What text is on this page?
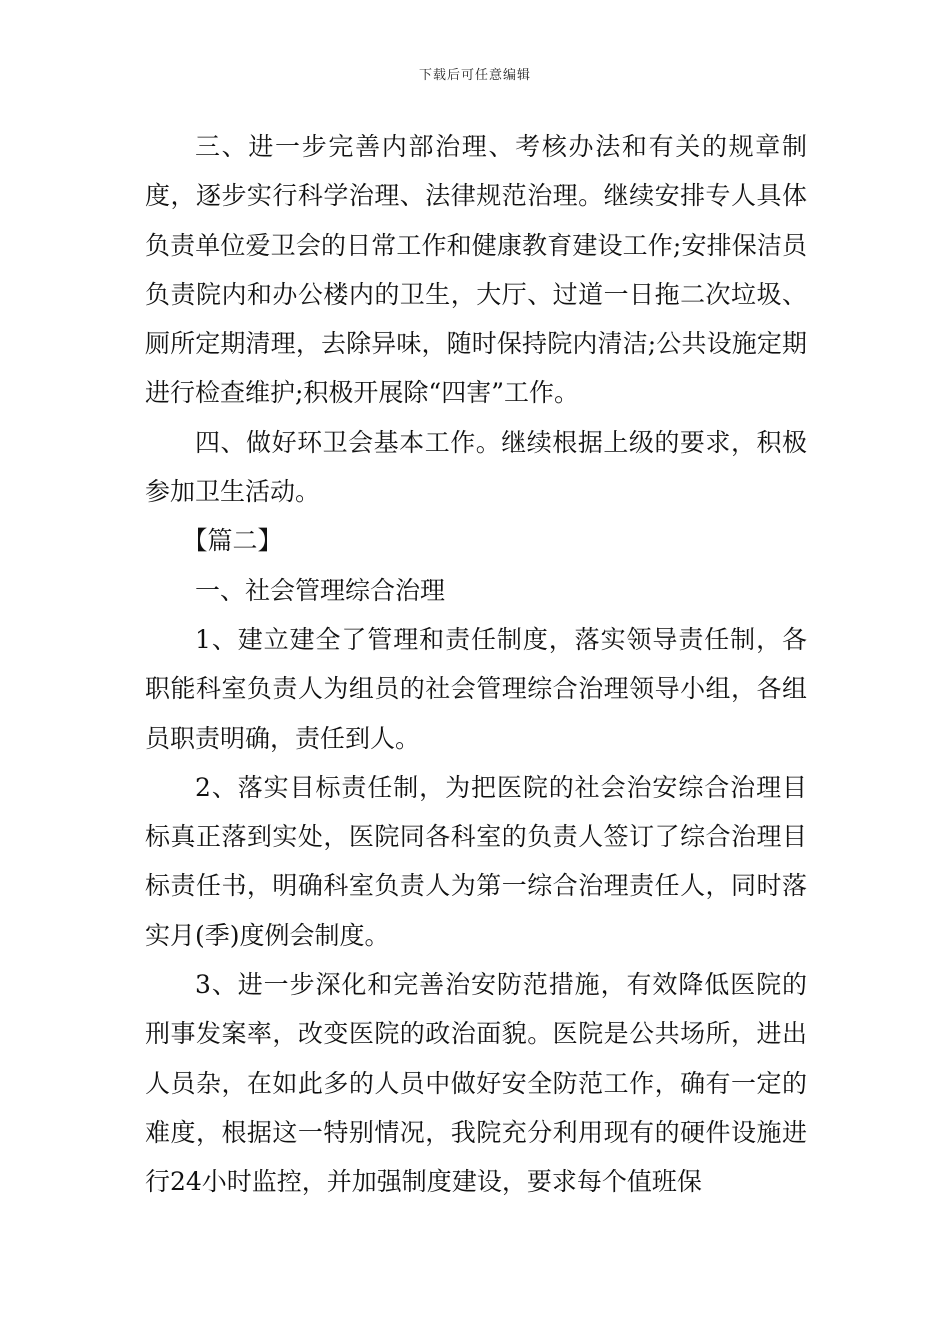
下载后可任意编辑

三、进一步完善内部治理、考核办法和有关的规章制度，逐步实行科学治理、法律规范治理。继续安排专人具体负责单位爱卫会的日常工作和健康教育建设工作;安排保洁员负责院内和办公楼内的卫生，大厅、过道一日拖二次垃圾、厕所定期清理，去除异味，随时保持院内清洁;公共设施定期进行检查维护;积极开展除“四害”工作。

四、做好环卫会基本工作。继续根据上级的要求，积极参加卫生活动。

【篇二】

一、社会管理综合治理

1、建立建全了管理和责任制度，落实领导责任制，各职能科室负责人为组员的社会管理综合治理领导小组，各组员职责明确，责任到人。

2、落实目标责任制，为把医院的社会治安综合治理目标真正落到实处，医院同各科室的负责人签订了综合治理目标责任书，明确科室负责人为第一综合治理责任人，同时落实月(季)度例会制度。

3、进一步深化和完善治安防范措施，有效降低医院的刑事发案率，改变医院的政治面貌。医院是公共场所，进出人员杂，在如此多的人员中做好安全防范工作，确有一定的难度，根据这一特别情况，我院充分利用现有的硬件设施进行24小时监控，并加强制度建设，要求每个值班保
